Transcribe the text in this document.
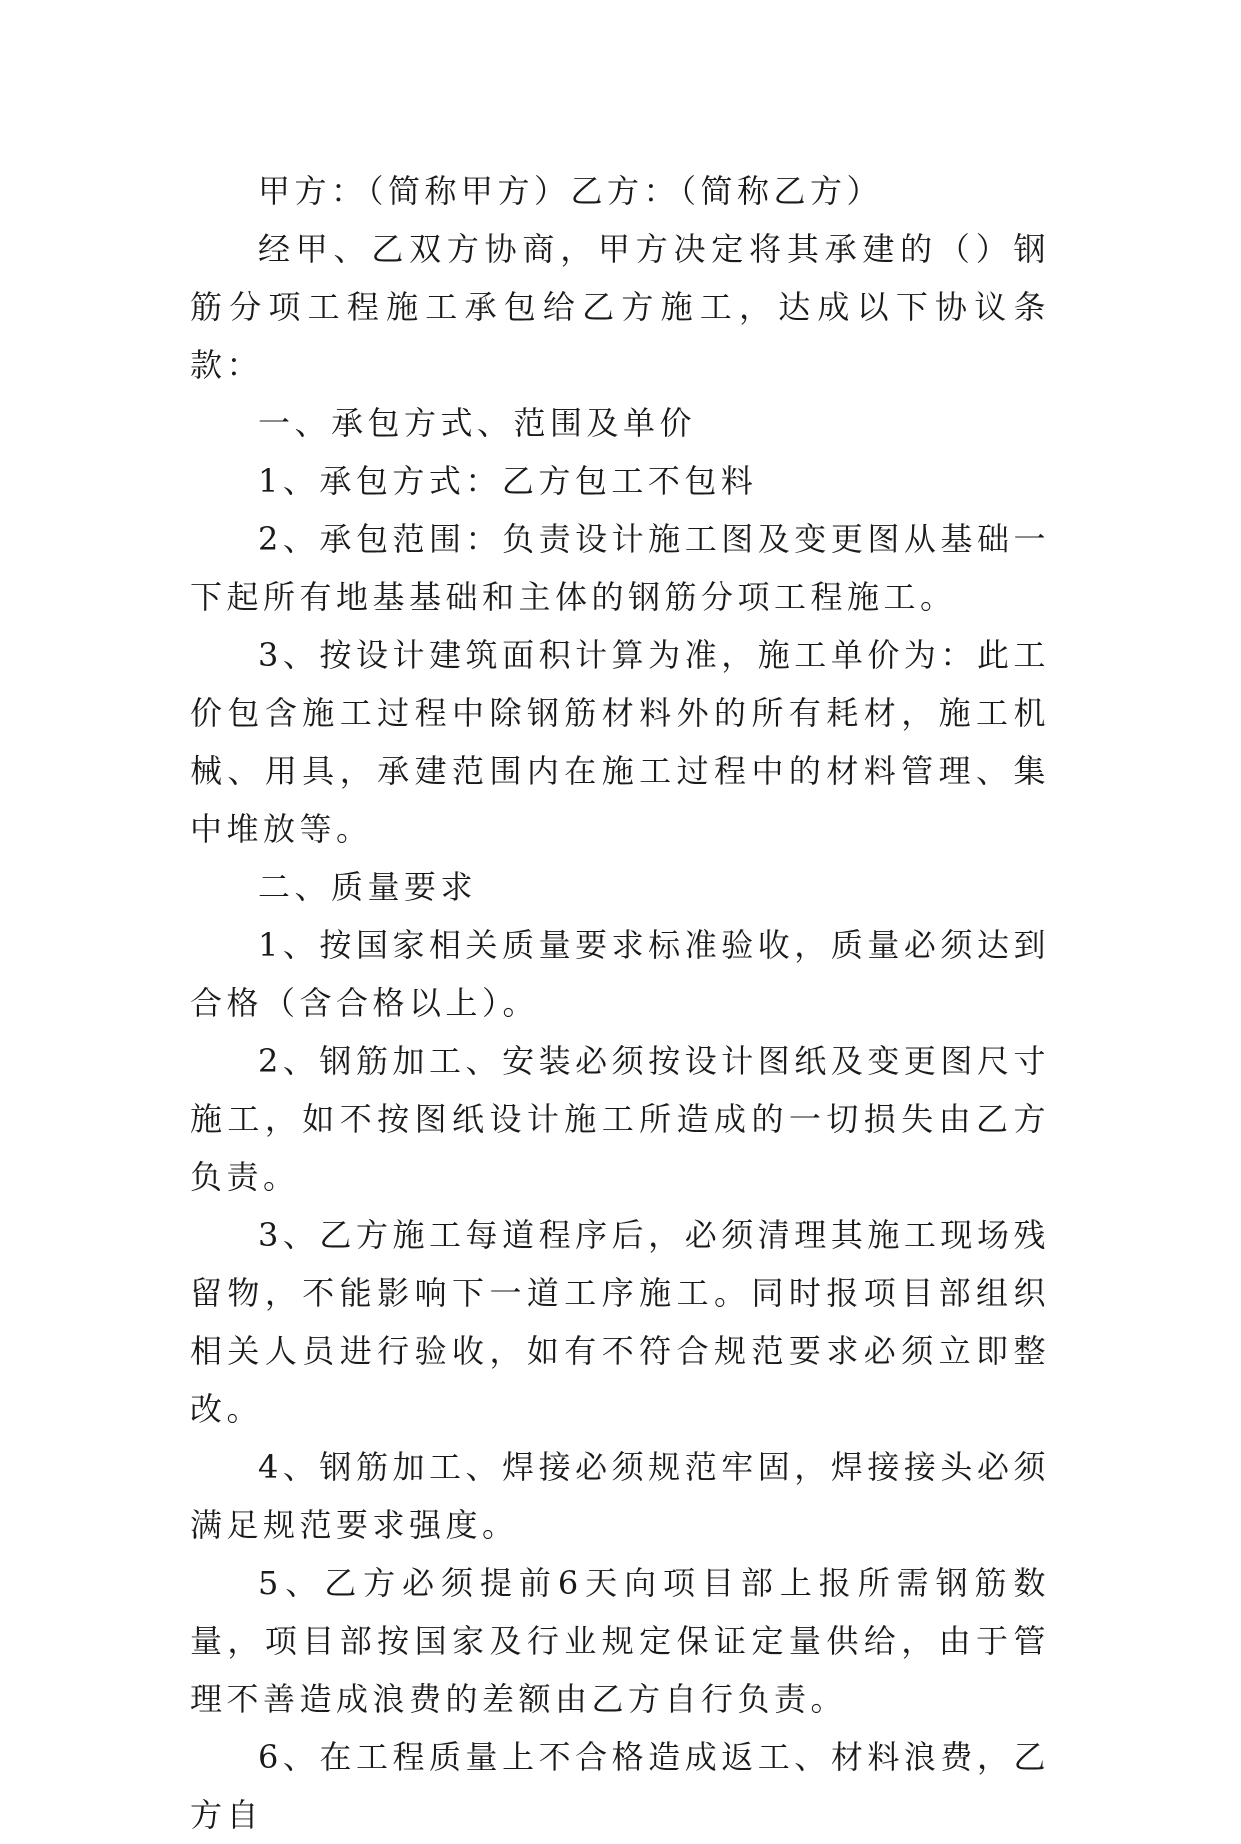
甲方：（简称甲方）乙方：（简称乙方）

经甲、乙双方协商，甲方决定将其承建的（）钢筋分项工程施工承包给乙方施工，达成以下协议条款：

一、承包方式、范围及单价

1、承包方式：乙方包工不包料

2、承包范围：负责设计施工图及变更图从基础一下起所有地基基础和主体的钢筋分项工程施工。

3、按设计建筑面积计算为准，施工单价为：此工价包含施工过程中除钢筋材料外的所有耗材，施工机械、用具，承建范围内在施工过程中的材料管理、集中堆放等。

二、质量要求

1、按国家相关质量要求标准验收，质量必须达到合格（含合格以上）。

2、钢筋加工、安装必须按设计图纸及变更图尺寸施工，如不按图纸设计施工所造成的一切损失由乙方负责。

3、乙方施工每道程序后，必须清理其施工现场残留物，不能影响下一道工序施工。同时报项目部组织相关人员进行验收，如有不符合规范要求必须立即整改。

4、钢筋加工、焊接必须规范牢固，焊接接头必须满足规范要求强度。

5、乙方必须提前6天向项目部上报所需钢筋数量，项目部按国家及行业规定保证定量供给，由于管理不善造成浪费的差额由乙方自行负责。

6、在工程质量上不合格造成返工、材料浪费，乙方自
